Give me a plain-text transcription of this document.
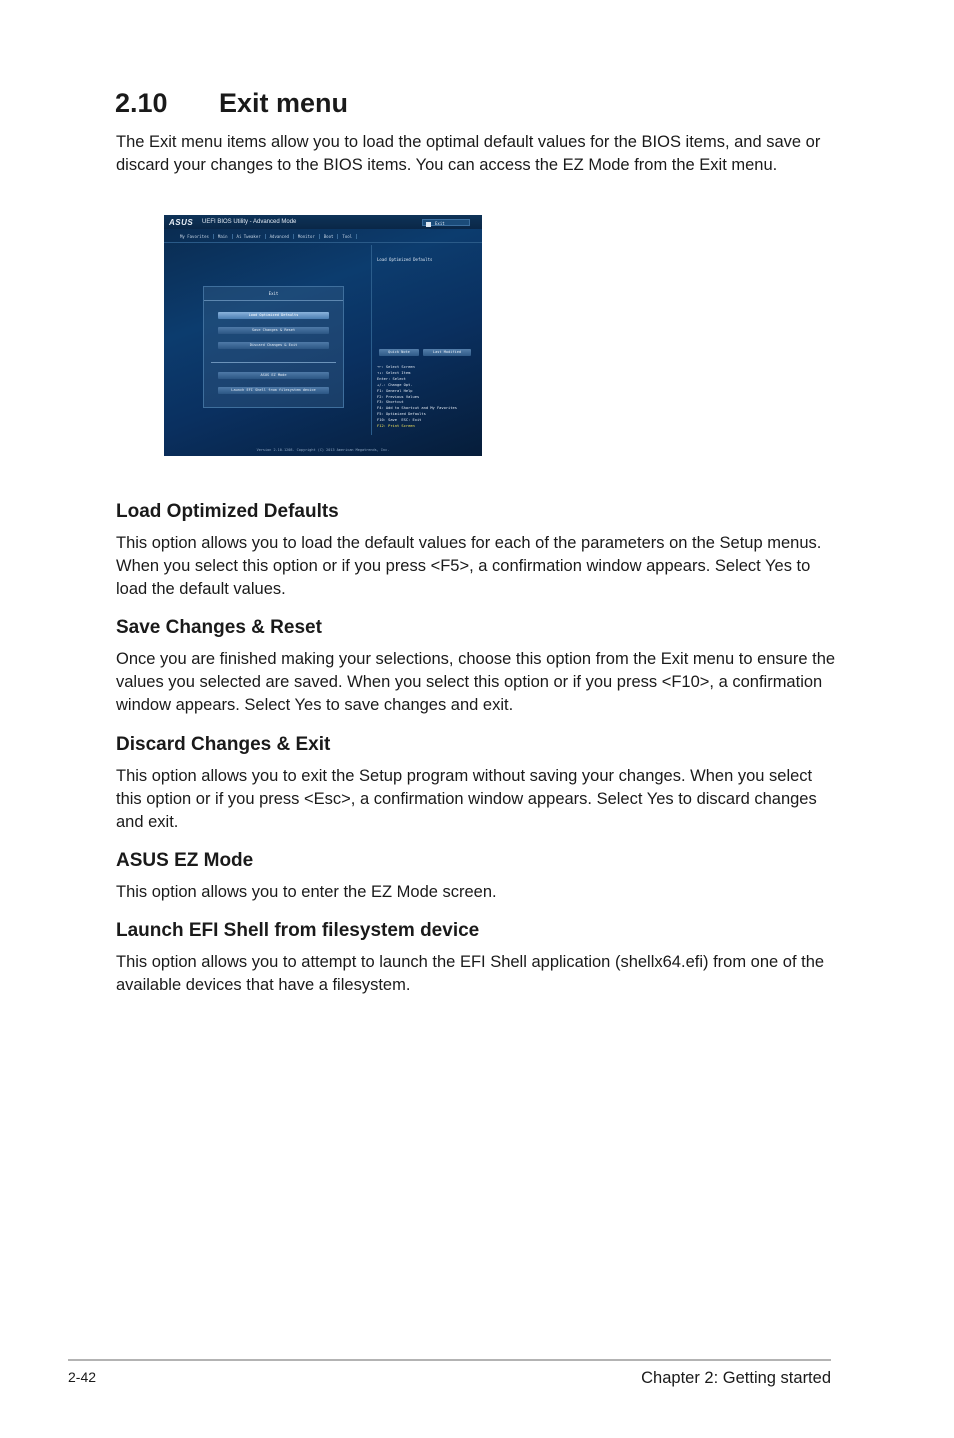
2.10 Exit menu

The Exit menu items allow you to load the optimal default values for the BIOS items, and save or discard your changes to the BIOS items. You can access the EZ Mode from the Exit menu.

ASUS UEFI BIOS Utility - Advanced Mode	Exit
My Favorites	Main	Ai Tweaker	Advanced	Monitor	Boot	Tool
Load Optimized Defaults
Exit
Load Optimized Defaults
Save Changes & Reset
Discard Changes & Exit
ASUS EZ Mode
Launch EFI Shell from filesystem device
Quick Note	Last Modified
→←: Select Screen
↑↓: Select Item
Enter: Select
+/-: Change Opt.
F1: General Help
F2: Previous Values
F3: Shortcut
F4: Add to Shortcut and My Favorites
F5: Optimized Defaults
F10: Save  ESC: Exit
F12: Print Screen
Version 2.10.1208. Copyright (C) 2013 American Megatrends, Inc.
Load Optimized Defaults

This option allows you to load the default values for each of the parameters on the Setup menus. When you select this option or if you press <F5>, a confirmation window appears. Select Yes to load the default values.

Save Changes & Reset

Once you are finished making your selections, choose this option from the Exit menu to ensure the values you selected are saved. When you select this option or if you press <F10>, a confirmation window appears. Select Yes to save changes and exit.

Discard Changes & Exit

This option allows you to exit the Setup program without saving your changes. When you select this option or if you press <Esc>, a confirmation window appears. Select Yes to discard changes and exit.

ASUS EZ Mode

This option allows you to enter the EZ Mode screen.

Launch EFI Shell from filesystem device

This option allows you to attempt to launch the EFI Shell application (shellx64.efi) from one of the available devices that have a filesystem.

2-42	Chapter 2: Getting started
